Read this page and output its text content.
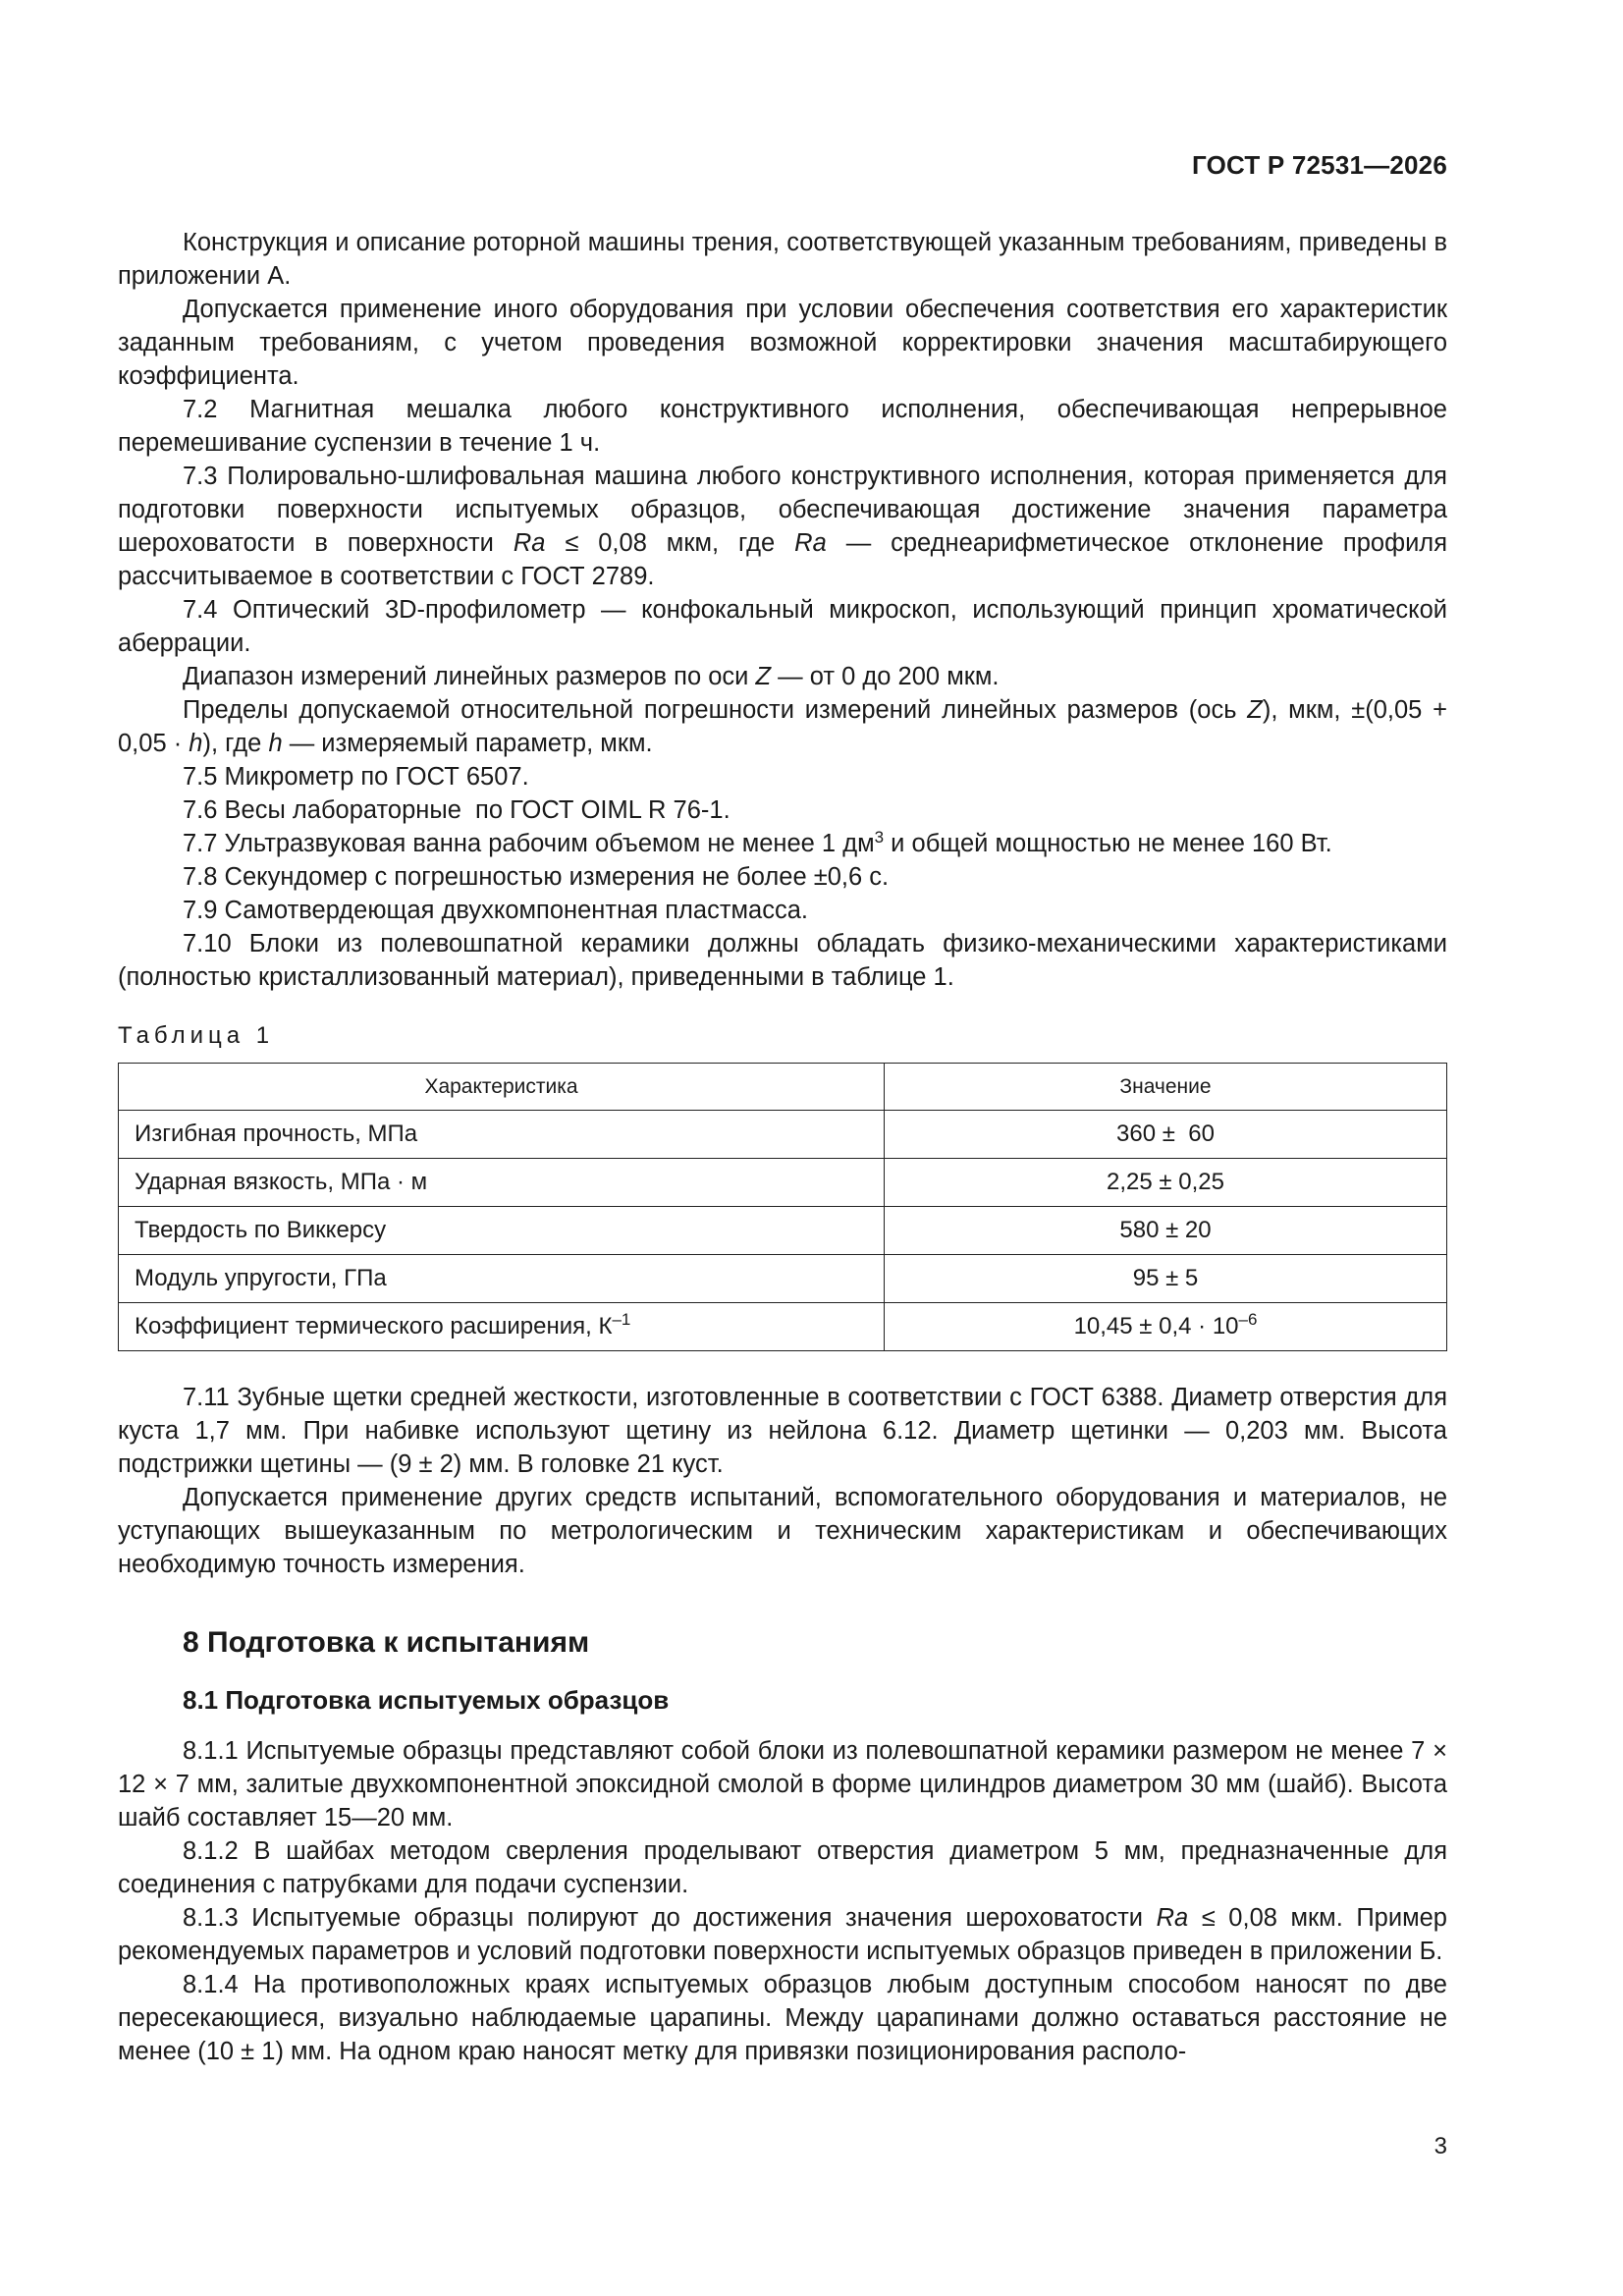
ГОСТ Р 72531—2026

Конструкция и описание роторной машины трения, соответствующей указанным требованиям, приведены в приложении А.

Допускается применение иного оборудования при условии обеспечения соответствия его характеристик заданным требованиям, с учетом проведения возможной корректировки значения масштабирующего коэффициента.

7.2 Магнитная мешалка любого конструктивного исполнения, обеспечивающая непрерывное перемешивание суспензии в течение 1 ч.

7.3 Полировально-шлифовальная машина любого конструктивного исполнения, которая применяется для подготовки поверхности испытуемых образцов, обеспечивающая достижение значения параметра шероховатости в поверхности Ra ≤ 0,08 мкм, где Ra — среднеарифметическое отклонение профиля рассчитываемое в соответствии с ГОСТ 2789.

7.4 Оптический 3D-профилометр — конфокальный микроскоп, использующий принцип хроматической аберрации.

Диапазон измерений линейных размеров по оси Z — от 0 до 200 мкм.

Пределы допускаемой относительной погрешности измерений линейных размеров (ось Z), мкм, ±(0,05 + 0,05 · h), где h — измеряемый параметр, мкм.

7.5 Микрометр по ГОСТ 6507.

7.6 Весы лабораторные  по ГОСТ OIML R 76-1.

7.7 Ультразвуковая ванна рабочим объемом не менее 1 $дм^3$ и общей мощностью не менее 160 Вт.

7.8 Секундомер с погрешностью измерения не более ±0,6 с.

7.9 Самотвердеющая двухкомпонентная пластмасса.

7.10 Блоки из полевошпатной керамики должны обладать физико-механическими характеристиками (полностью кристаллизованный материал), приведенными в таблице 1.

Таблица 1
Характеристика	Значение
Изгибная прочность, МПа	360 ±  60
Ударная вязкость, МПа · м	2,25 ± 0,25
Твердость по Виккерсу	580 ± 20
Модуль упругости, ГПа	95 ± 5
Коэффициент термического расширения, $К^{-1}$	$10,45 \pm 0,4 \cdot 10^{-6}$

7.11 Зубные щетки средней жесткости, изготовленные в соответствии с ГОСТ 6388. Диаметр отверстия для куста 1,7 мм. При набивке используют щетину из нейлона 6.12. Диаметр щетинки — 0,203 мм. Высота подстрижки щетины — (9 ± 2) мм. В головке 21 куст.

Допускается применение других средств испытаний, вспомогательного оборудования и материалов, не уступающих вышеуказанным по метрологическим и техническим характеристикам и обеспечивающих необходимую точность измерения.

8 Подготовка к испытаниям
8.1 Подготовка испытуемых образцов

8.1.1 Испытуемые образцы представляют собой блоки из полевошпатной керамики размером не менее 7 × 12 × 7 мм, залитые двухкомпонентной эпоксидной смолой в форме цилиндров диаметром 30 мм (шайб). Высота шайб составляет 15—20 мм.

8.1.2 В шайбах методом сверления проделывают отверстия диаметром 5 мм, предназначенные для соединения с патрубками для подачи суспензии.

8.1.3 Испытуемые образцы полируют до достижения значения шероховатости Ra ≤ 0,08 мкм. Пример рекомендуемых параметров и условий подготовки поверхности испытуемых образцов приведен в приложении Б.

8.1.4 На противоположных краях испытуемых образцов любым доступным способом наносят по две пересекающиеся, визуально наблюдаемые царапины. Между царапинами должно оставаться расстояние не менее (10 ± 1) мм. На одном краю наносят метку для привязки позиционирования располо-

3
